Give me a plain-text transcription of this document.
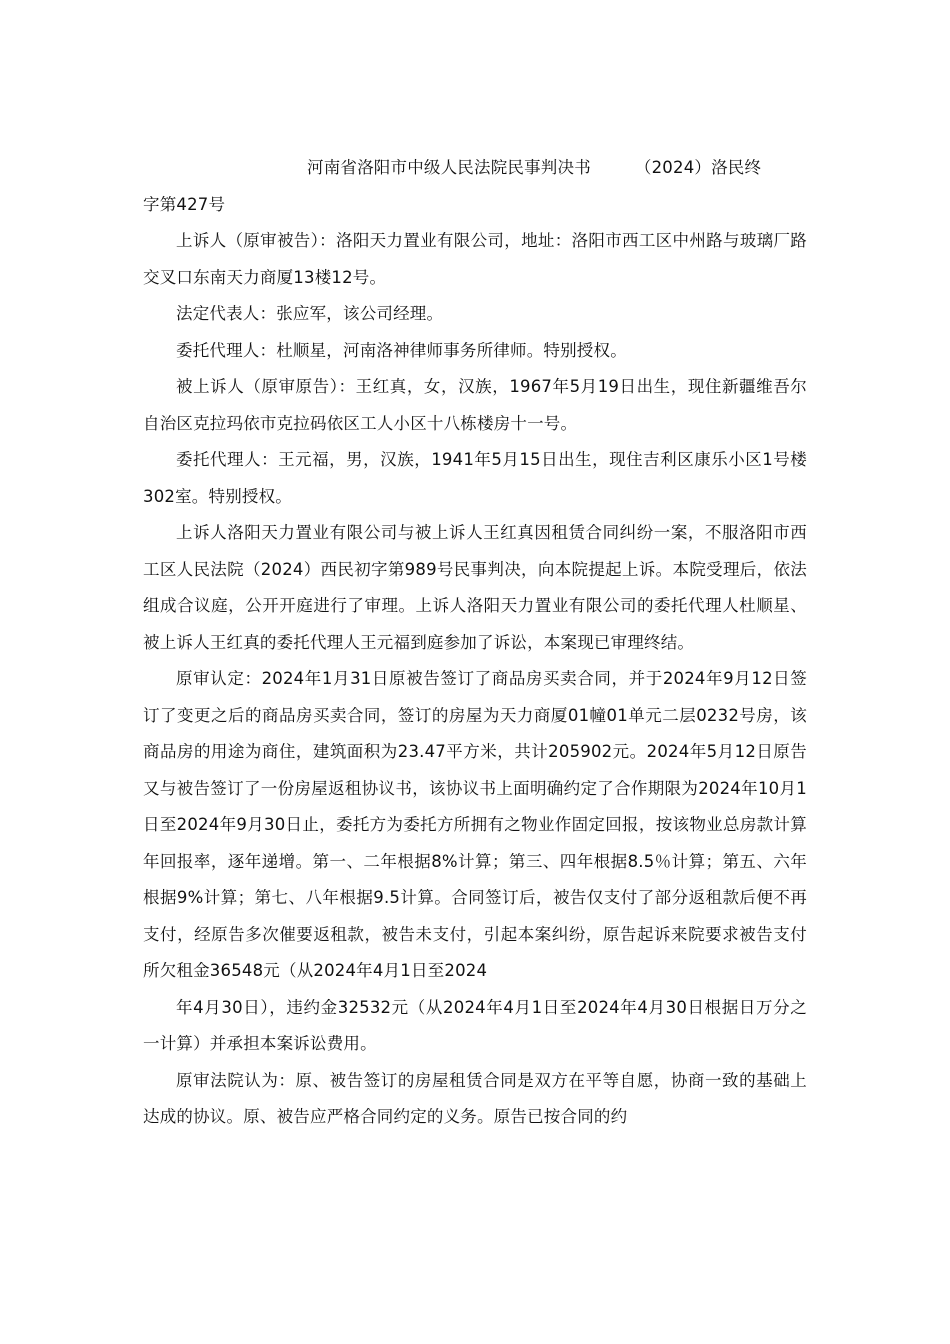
河南省洛阳市中级人民法院民事判决书	（2024）洛民终

字第427号

上诉人（原审被告）：洛阳天力置业有限公司，地址：洛阳市西工区中州路与玻璃厂路交叉口东南天力商厦13楼12号。

法定代表人：张应军，该公司经理。

委托代理人：杜顺星，河南洛神律师事务所律师。特别授权。

被上诉人（原审原告）：王红真，女，汉族，1967年5月19日出生，现住新疆维吾尔自治区克拉玛依市克拉码依区工人小区十八栋楼房十一号。

委托代理人：王元福，男，汉族，1941年5月15日出生，现住吉利区康乐小区1号楼302室。特别授权。

上诉人洛阳天力置业有限公司与被上诉人王红真因租赁合同纠纷一案，不服洛阳市西工区人民法院（2024）西民初字第989号民事判决，向本院提起上诉。本院受理后，依法组成合议庭，公开开庭进行了审理。上诉人洛阳天力置业有限公司的委托代理人杜顺星、被上诉人王红真的委托代理人王元福到庭参加了诉讼，本案现已审理终结。

原审认定：2024年1月31日原被告签订了商品房买卖合同，并于2024年9月12日签订了变更之后的商品房买卖合同，签订的房屋为天力商厦01幢01单元二层0232号房，该商品房的用途为商住，建筑面积为23.47平方米，共计205902元。2024年5月12日原告又与被告签订了一份房屋返租协议书，该协议书上面明确约定了合作期限为2024年10月1日至2024年9月30日止，委托方为委托方所拥有之物业作固定回报，按该物业总房款计算年回报率，逐年递增。第一、二年根据8%计算；第三、四年根据8.5％计算；第五、六年根据9%计算；第七、八年根据9.5计算。合同签订后，被告仅支付了部分返租款后便不再支付，经原告多次催要返租款，被告未支付，引起本案纠纷，原告起诉来院要求被告支付所欠租金36548元（从2024年4月1日至2024

年4月30日），违约金32532元（从2024年4月1日至2024年4月30日根据日万分之一计算）并承担本案诉讼费用。

原审法院认为：原、被告签订的房屋租赁合同是双方在平等自愿，协商一致的基础上达成的协议。原、被告应严格合同约定的义务。原告已按合同的约
